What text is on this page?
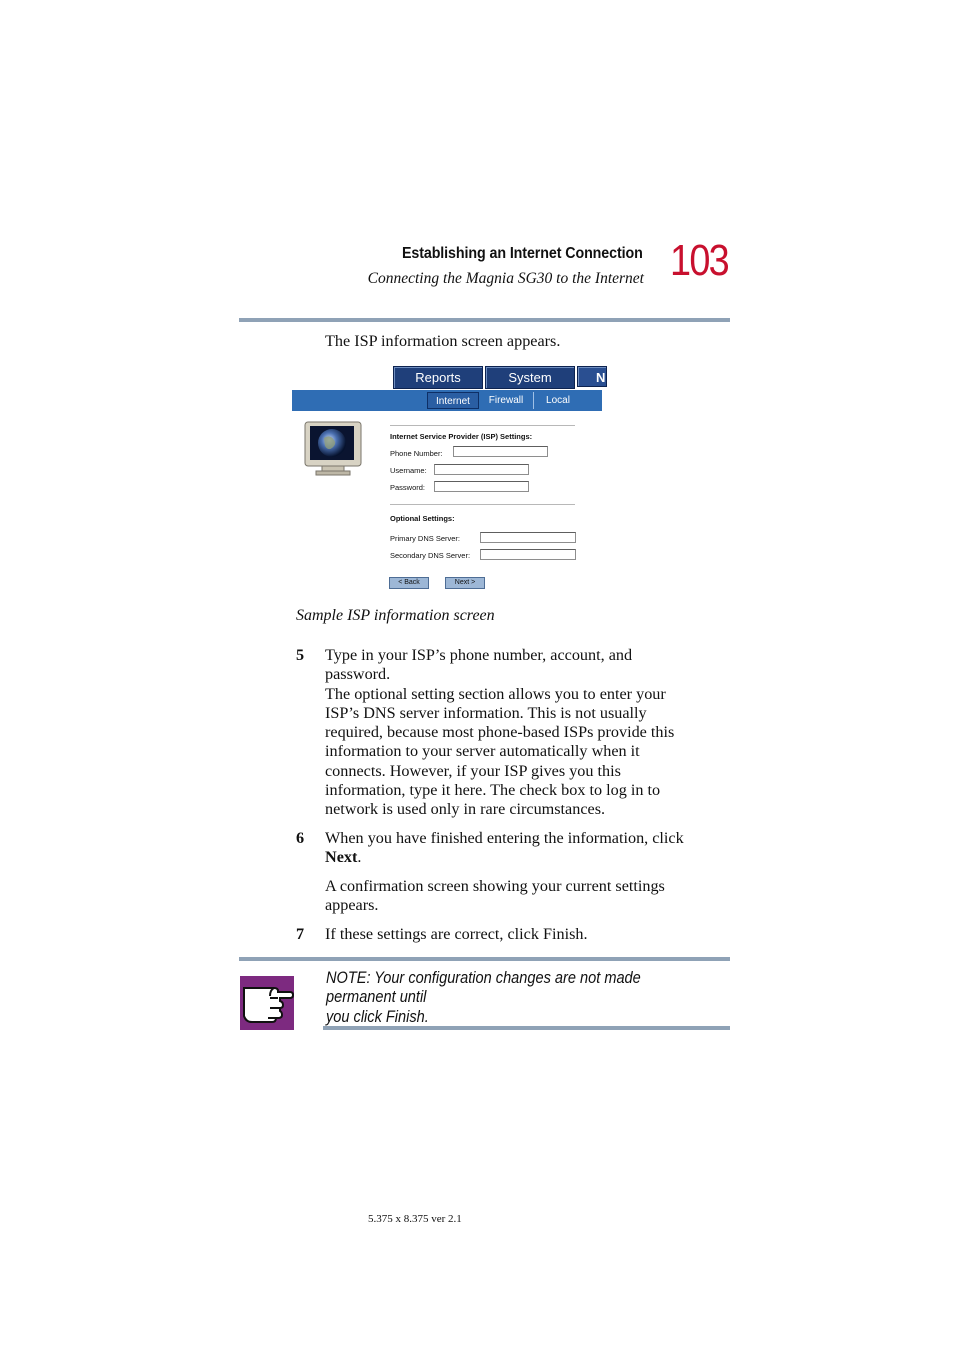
Establishing an Internet Connection
Connecting the Magnia SG30 to the Internet 103
The ISP information screen appears.
Reports	System	N
Internet	Firewall	Local
Internet Service Provider (ISP) Settings:
Phone Number:
Username:
Password:
Optional Settings:
Primary DNS Server:
Secondary DNS Server:
< Back	Next >
Sample ISP information screen
5 Type in your ISP’s phone number, account, and
password.
The optional setting section allows you to enter your
ISP’s DNS server information. This is not usually
required, because most phone-based ISPs provide this
information to your server automatically when it
connects. However, if your ISP gives you this
information, type it here. The check box to log in to
network is used only in rare circumstances.
6 When you have finished entering the information, click
Next.
A confirmation screen showing your current settings
appears.
7 If these settings are correct, click Finish.
NOTE: Your configuration changes are not made permanent until
you click Finish.
5.375 x 8.375 ver 2.1
